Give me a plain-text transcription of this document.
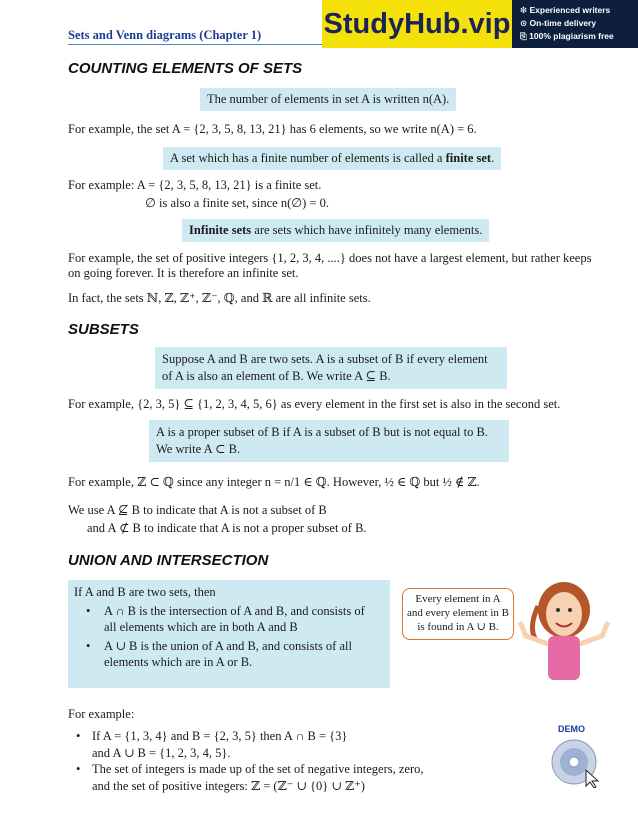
Sets and Venn diagrams (Chapter 1) StudyHub.vip ❇ Experienced writers
⊙ On-time delivery
⎘ 100% plagiarism free
COUNTING ELEMENTS OF SETS
The number of elements in set A is written n(A).
For example, the set A = {2, 3, 5, 8, 13, 21} has 6 elements, so we write n(A) = 6.
A set which has a finite number of elements is called a finite set.
For example: A = {2, 3, 5, 8, 13, 21} is a finite set.
∅ is also a finite set, since n(∅) = 0.
Infinite sets are sets which have infinitely many elements.
For example, the set of positive integers {1, 2, 3, 4, ....} does not have a largest element, but rather keeps
on going forever. It is therefore an infinite set.
In fact, the sets ℕ, ℤ, ℤ⁺, ℤ⁻, ℚ, and ℝ are all infinite sets.
SUBSETS
Suppose A and B are two sets. A is a subset of B if every element
of A is also an element of B. We write A ⊆ B.
For example, {2, 3, 5} ⊆ {1, 2, 3, 4, 5, 6} as every element in the first set is also in the second set.
A is a proper subset of B if A is a subset of B but is not equal to B.
We write A ⊂ B.
For example, ℤ ⊂ ℚ since any integer n = n/1 ∈ ℚ. However, ½ ∈ ℚ but ½ ∉ ℤ.
We use A ⊈ B to indicate that A is not a subset of B
and A ⊄ B to indicate that A is not a proper subset of B.
UNION AND INTERSECTION
If A and B are two sets, then
• A ∩ B is the intersection of A and B, and consists of
all elements which are in both A and B
• A ∪ B is the union of A and B, and consists of all
elements which are in A or B.
Every element in A
and every element in B
is found in A ∪ B.
For example:
• If A = {1, 3, 4} and B = {2, 3, 5} then A ∩ B = {3}
and A ∪ B = {1, 2, 3, 4, 5}.
• The set of integers is made up of the set of negative integers, zero,
and the set of positive integers: ℤ = (ℤ⁻ ∪ {0} ∪ ℤ⁺)
DEMO
